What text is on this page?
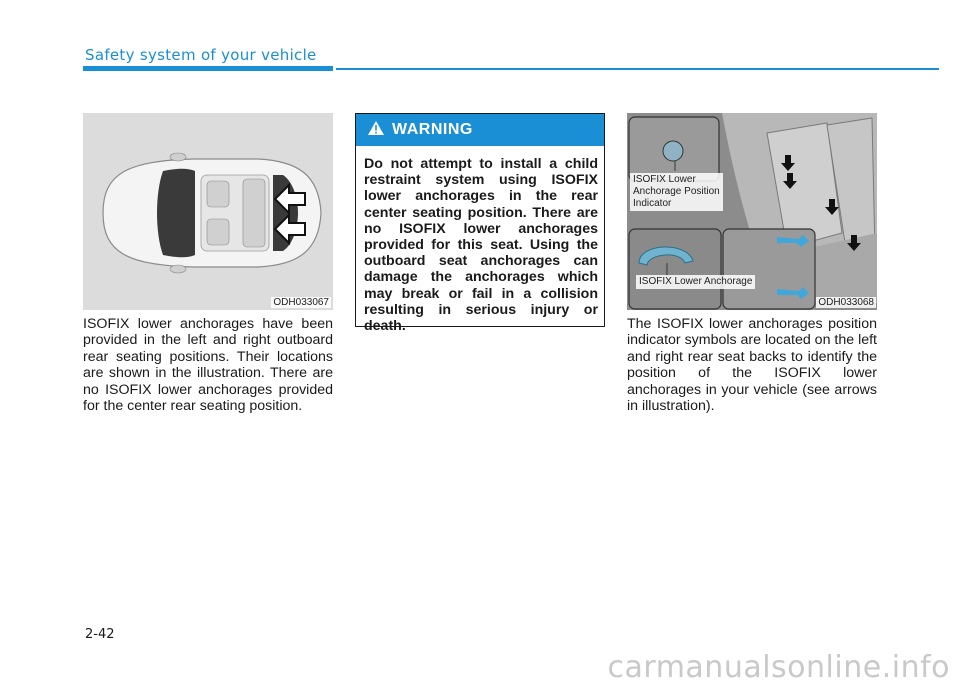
Safety system of your vehicle
ODH033067
ISOFIX lower anchorages have been provided in the left and right outboard rear seating positions. Their locations are shown in the illustration. There are no ISOFIX lower anchorages provided for the center rear seating position.
WARNING
Do not attempt to install a child restraint system using ISOFIX lower anchorages in the rear center seating position. There are no ISOFIX lower anchorages provided for this seat. Using the outboard seat anchorages can damage the anchorages which may break or fail in a collision resulting in serious injury or death.
ISOFIX Lower
Anchorage Position
Indicator
ISOFIX Lower Anchorage
ODH033068
The ISOFIX lower anchorages position indicator symbols are located on the left and right rear seat backs to identify the position of the ISOFIX lower anchorages in your vehicle (see arrows in illustration).
2-42
carmanualsonline.info
